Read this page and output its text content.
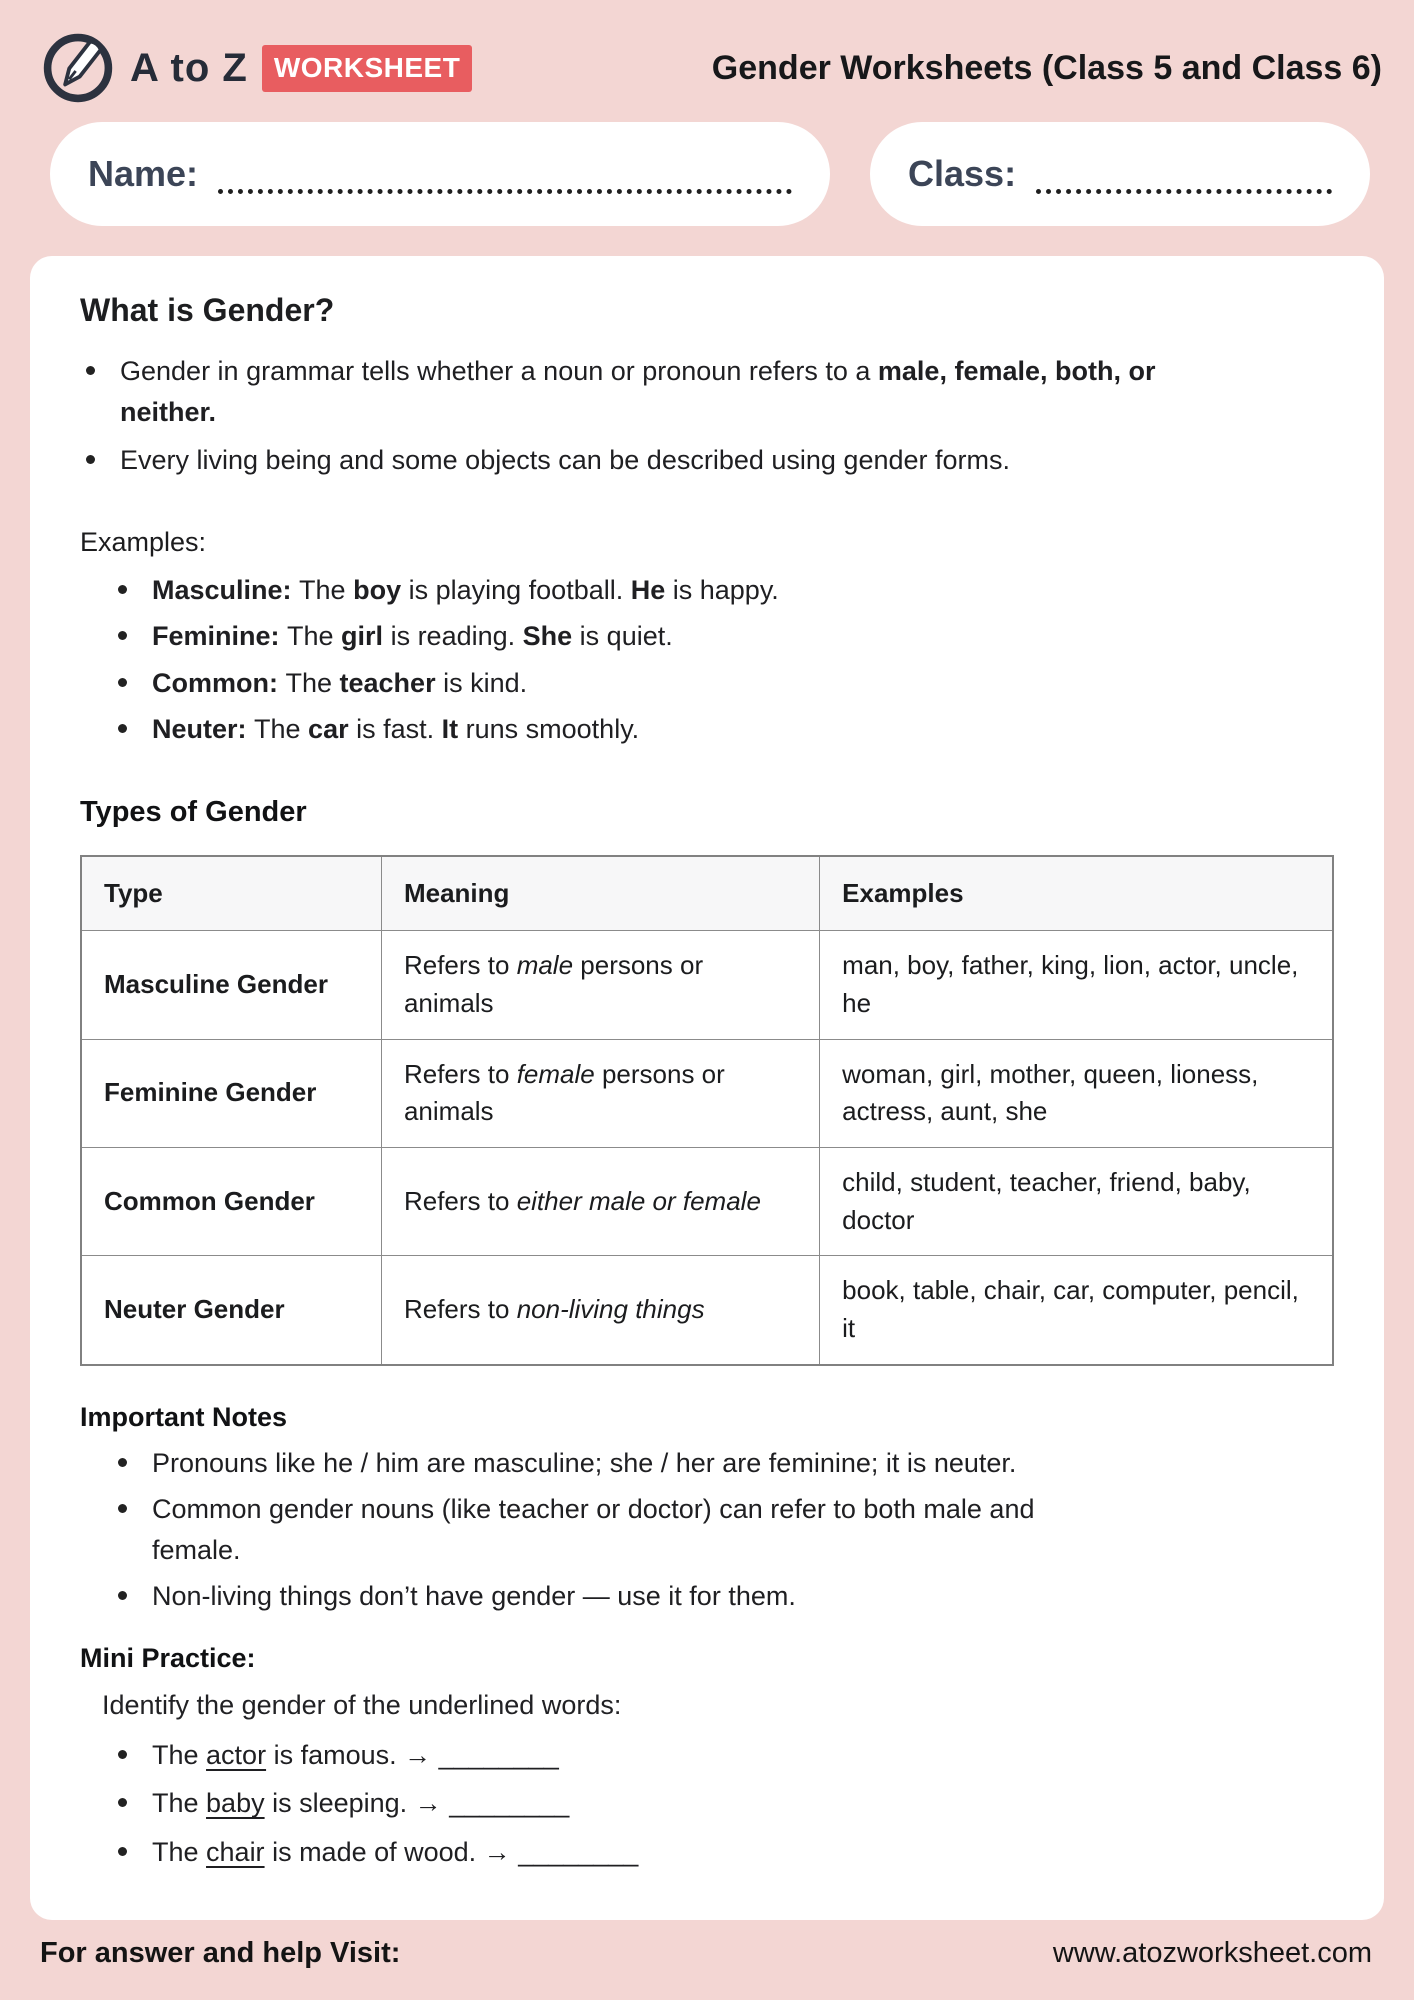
A to Z WORKSHEET	Gender Worksheets (Class 5 and Class 6)
Name:	Class:
What is Gender?
Gender in grammar tells whether a noun or pronoun refers to a male, female, both, or neither.
Every living being and some objects can be described using gender forms.
Examples:
Masculine: The boy is playing football. He is happy.
Feminine: The girl is reading. She is quiet.
Common: The teacher is kind.
Neuter: The car is fast. It runs smoothly.
Types of Gender
Type	Meaning	Examples
Masculine Gender	Refers to male persons or animals	man, boy, father, king, lion, actor, uncle, he
Feminine Gender	Refers to female persons or animals	woman, girl, mother, queen, lioness, actress, aunt, she
Common Gender	Refers to either male or female	child, student, teacher, friend, baby, doctor
Neuter Gender	Refers to non-living things	book, table, chair, car, computer, pencil, it
Important Notes
Pronouns like he / him are masculine; she / her are feminine; it is neuter.
Common gender nouns (like teacher or doctor) can refer to both male and female.
Non-living things don’t have gender — use it for them.
Mini Practice:
Identify the gender of the underlined words:
The actor is famous. → ________
The baby is sleeping. → ________
The chair is made of wood. → ________
For answer and help Visit:	www.atozworksheet.com
